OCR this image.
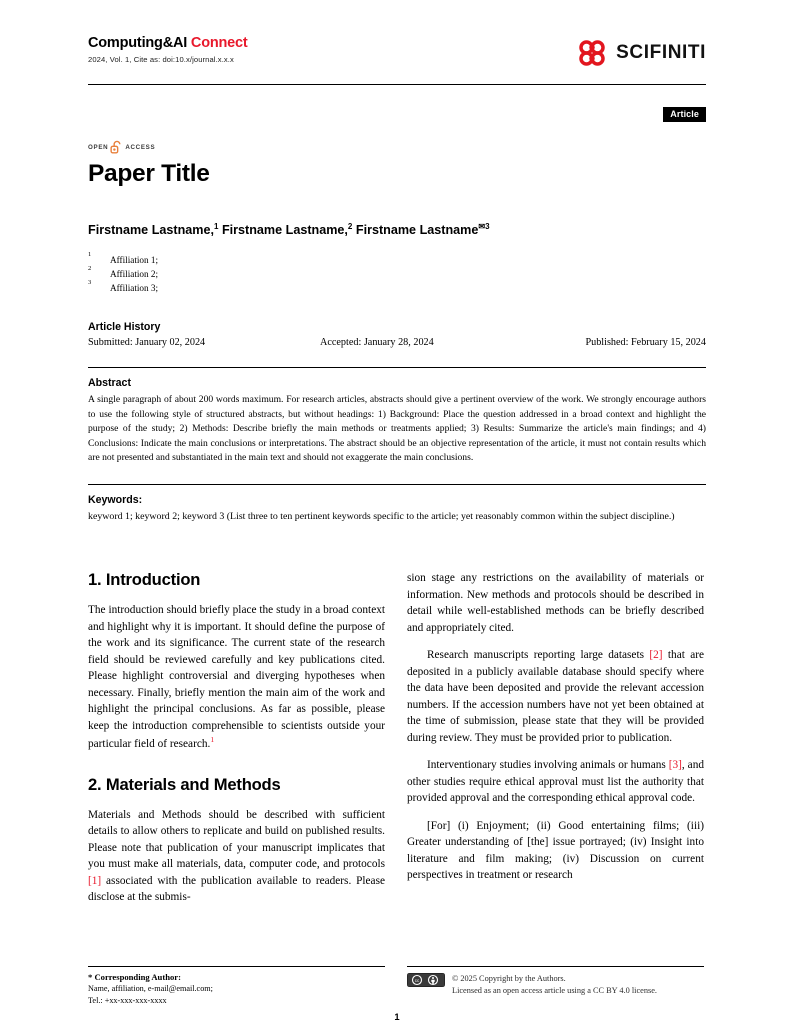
Computing&AI Connect
2024, Vol. 1, Cite as: doi:10.x/journal.x.x.x	SCIFINITI
Article
OPEN	ACCESS
Paper Title
Firstname Lastname,$^1$ Firstname Lastname,$^2$ Firstname Lastname$^{✉3}$
1
Affiliation 1;
2
Affiliation 2;
3
Affiliation 3;
Article History
Submitted: January 02, 2024	Accepted: January 28, 2024	Published: February 15, 2024
Abstract

A single paragraph of about 200 words maximum. For research articles, abstracts should give a pertinent overview of the work. We strongly encourage authors to use the following style of structured abstracts, but without headings: 1) Background: Place the question addressed in a broad context and highlight the purpose of the study; 2) Methods: Describe briefly the main methods or treatments applied; 3) Results: Summarize the article's main findings; and 4) Conclusions: Indicate the main conclusions or interpretations. The abstract should be an objective representation of the article, it must not contain results which are not presented and substantiated in the main text and should not exaggerate the main conclusions.

Keywords:

keyword 1; keyword 2; keyword 3 (List three to ten pertinent keywords specific to the article; yet reasonably common within the subject discipline.)

1. Introduction

The introduction should briefly place the study in a broad context and highlight why it is important. It should define the purpose of the work and its significance. The current state of the research field should be reviewed carefully and key publications cited. Please highlight controversial and diverging hypotheses when necessary. Finally, briefly mention the main aim of the work and highlight the principal conclusions. As far as possible, please keep the introduction comprehensible to scientists outside your particular field of research.$^1$

2. Materials and Methods

Materials and Methods should be described with sufficient details to allow others to replicate and build on published results. Please note that publication of your manuscript implicates that you must make all materials, data, computer code, and protocols [1] associated with the publication available to readers. Please disclose at the submis-

sion stage any restrictions on the availability of materials or information. New methods and protocols should be described in detail while well-established methods can be briefly described and appropriately cited.

Research manuscripts reporting large datasets [2] that are deposited in a publicly available database should specify where the data have been deposited and provide the relevant accession numbers. If the accession numbers have not yet been obtained at the time of submission, please state that they will be provided during review. They must be provided prior to publication.

Interventionary studies involving animals or humans [3], and other studies require ethical approval must list the authority that provided approval and the corresponding ethical approval code.

[For] (i) Enjoyment; (ii) Good entertaining films; (iii) Greater understanding of [the] issue portrayed; (iv) Insight into literature and film making; (iv) Discussion on current perspectives in treatment or research

* Corresponding Author:
Name, affiliation, e-mail@email.com;
Tel.: +xx-xxx-xxx-xxxx
cc	© 2025 Copyright by the Authors.
Licensed as an open access article using a CC BY 4.0 license.
1
